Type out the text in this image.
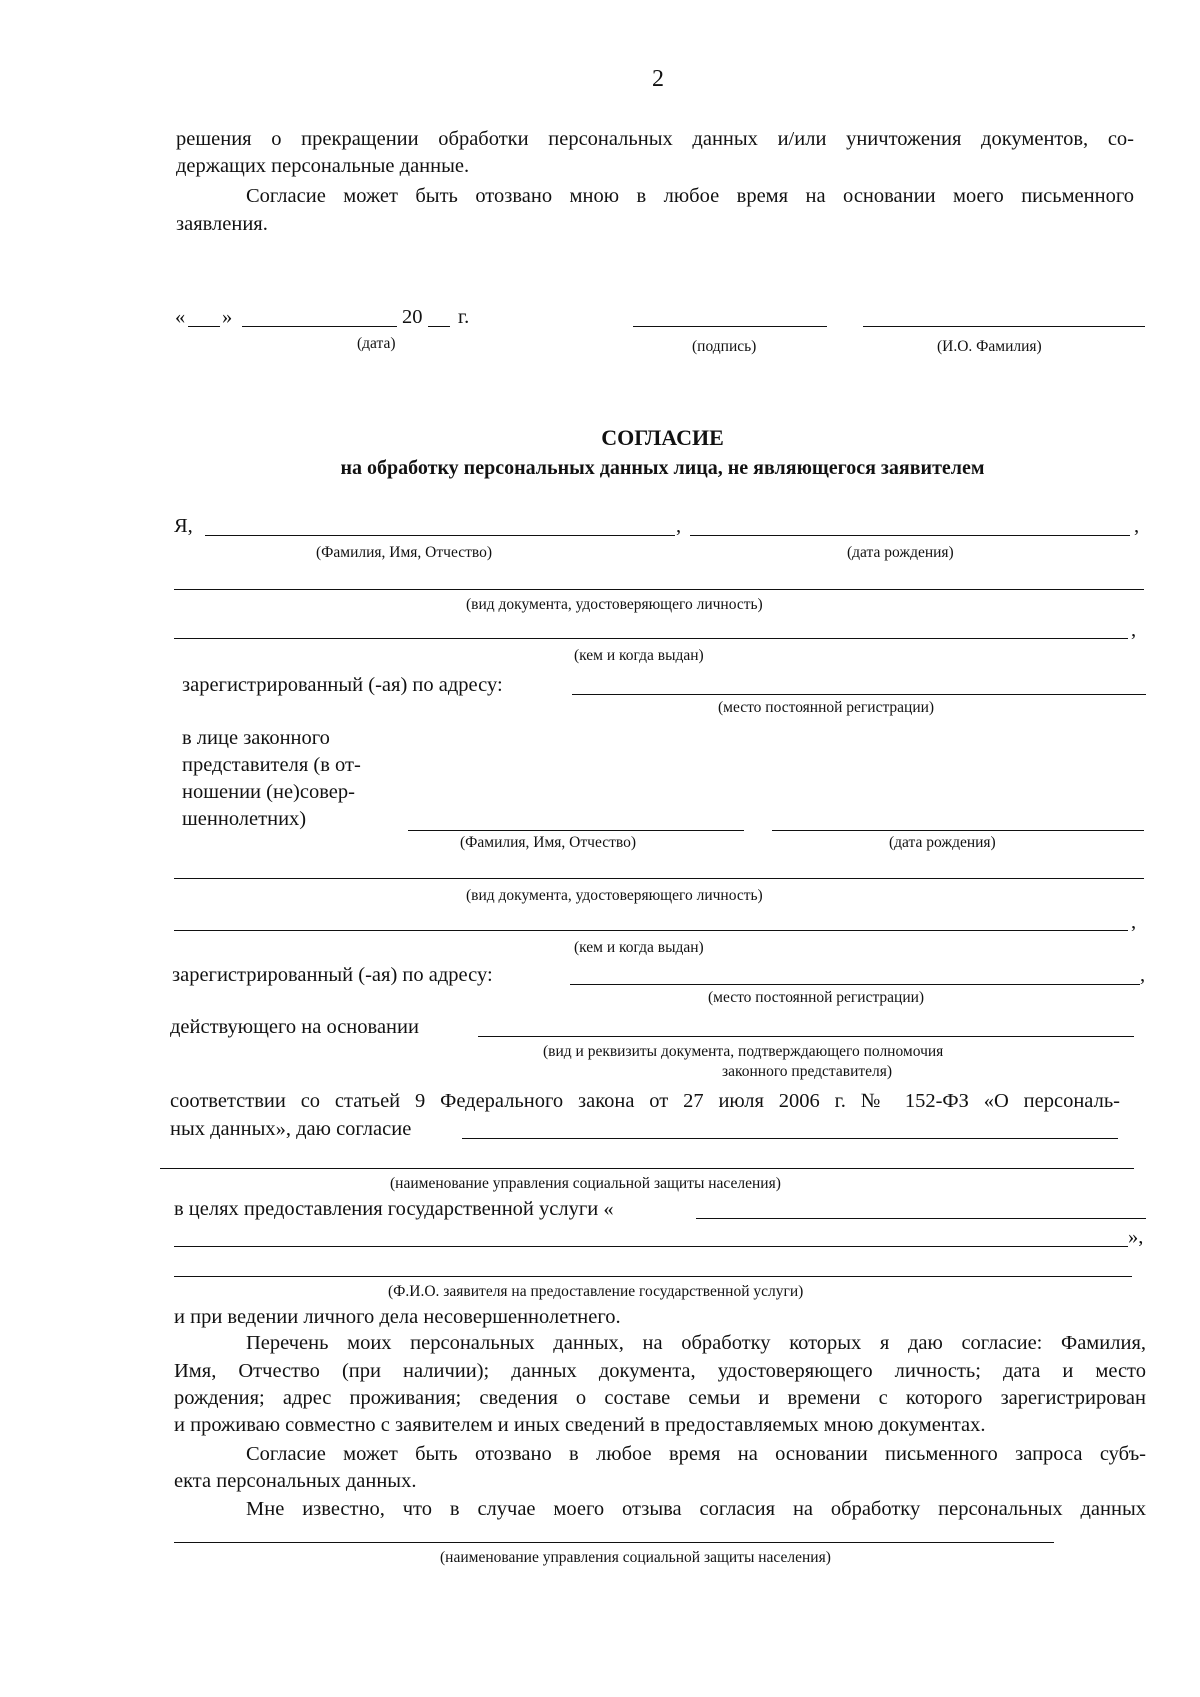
2
решения о прекращении обработки персональных данных и/или уничтожения документов, со-
держащих персональные данные.
Согласие может быть отозвано мною в любое время на основании моего письменного
заявления.
« »	20 г.
(дата)	(подпись)	(И.О. Фамилия)
СОГЛАСИЕ
на обработку персональных данных лица, не являющегося заявителем
Я,	,	,
(Фамилия, Имя, Отчество)	(дата рождения)
(вид документа, удостоверяющего личность)
,
(кем и когда выдан)
зарегистрированный (-ая) по адресу:
(место постоянной регистрации)
в лице законного
представителя (в от-
ношении (не)совер-
шеннолетних)
(Фамилия, Имя, Отчество)	(дата рождения)
(вид документа, удостоверяющего личность)
,
(кем и когда выдан)
зарегистрированный (-ая) по адресу:	,
(место постоянной регистрации)
действующего на основании
(вид и реквизиты документа, подтверждающего полномочия
законного представителя)
соответствии со статьей 9 Федерального закона от 27 июля 2006 г. № 152-ФЗ «О персональ-
ных данных», даю согласие
(наименование управления социальной защиты населения)
в целях предоставления государственной услуги «
»,
(Ф.И.О. заявителя на предоставление государственной услуги)
и при ведении личного дела несовершеннолетнего.
Перечень моих персональных данных, на обработку которых я даю согласие: Фамилия,
Имя, Отчество (при наличии); данных документа, удостоверяющего личность; дата и место
рождения; адрес проживания; сведения о составе семьи и времени с которого зарегистрирован
и проживаю совместно с заявителем и иных сведений в предоставляемых мною документах.
Согласие может быть отозвано в любое время на основании письменного запроса субъ-
екта персональных данных.
Мне известно, что в случае моего отзыва согласия на обработку персональных данных
(наименование управления социальной защиты населения)
